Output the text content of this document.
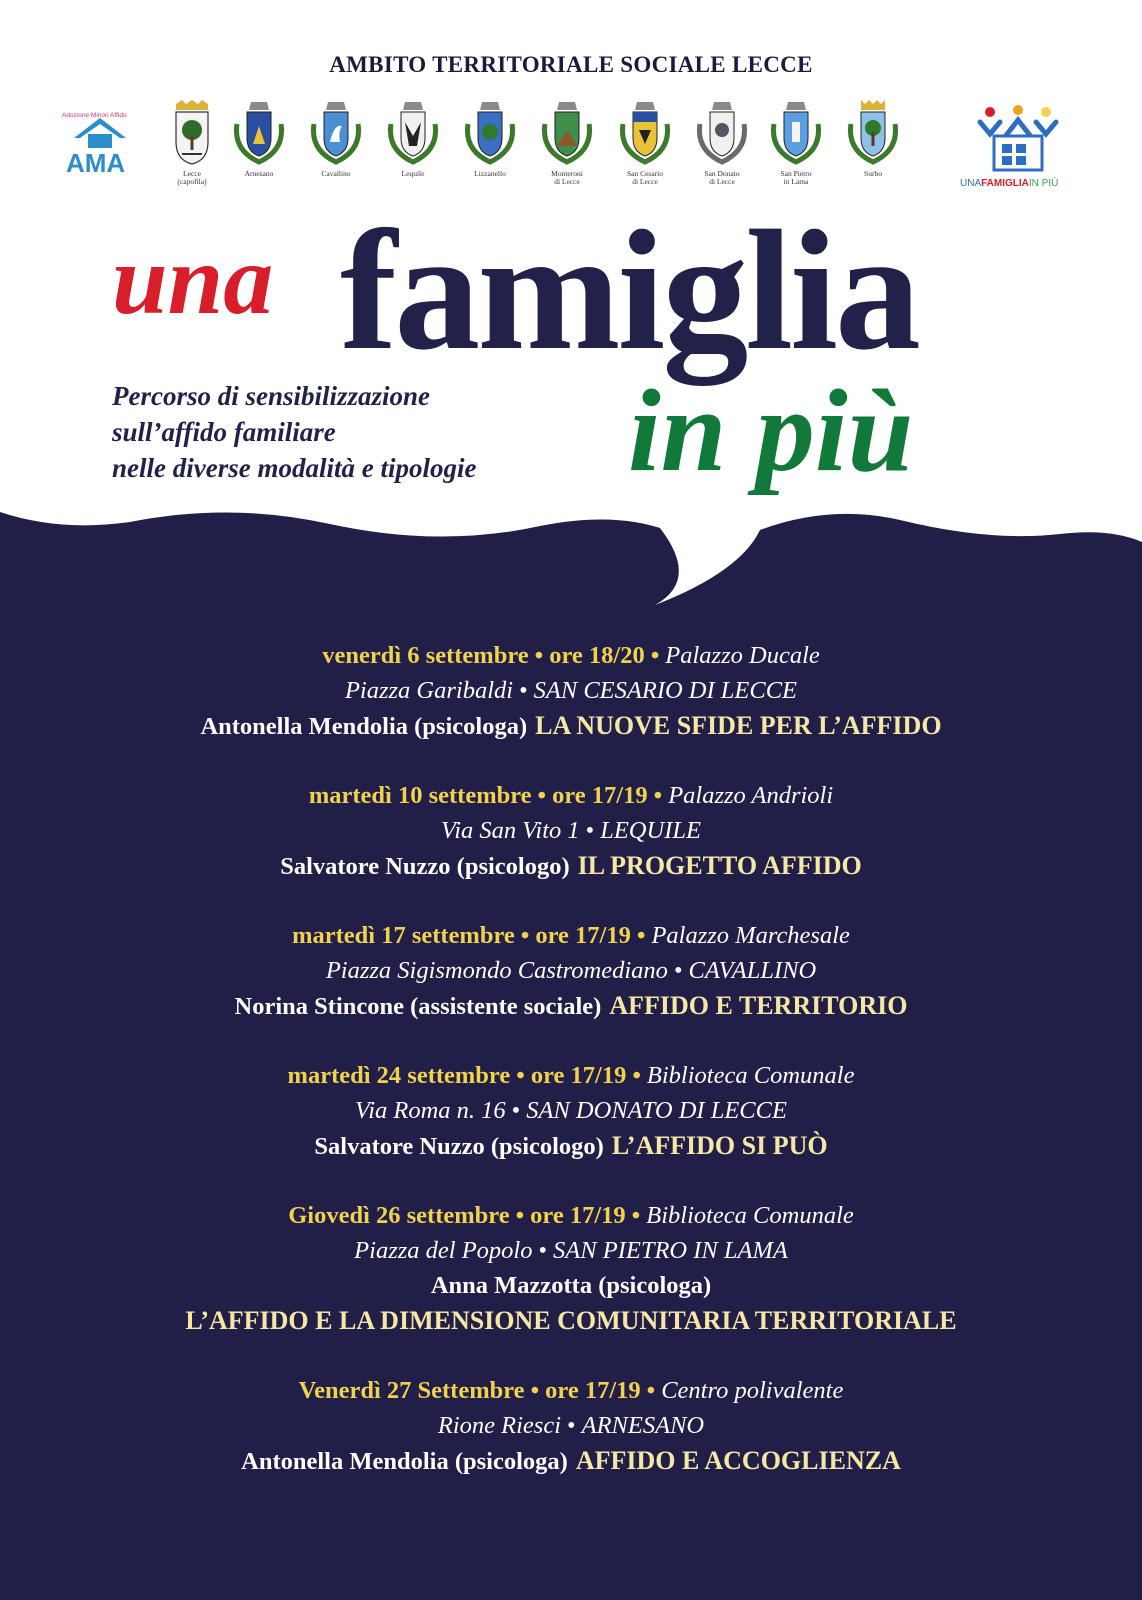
AMBITO TERRITORIALE SOCIALE LECCE
AMA
Adozione Minori Affido
Lecce
(capofila)
Arnesano	Cavallino	Lequile	Lizzanello	Monteroni
di Lecce
San Cesario
di Lecce
San Donato
di Lecce
San Pietro
in Lama
Surbo
UNAFAMIGLIAIN PIÙ
una famiglia
in più
Percorso di sensibilizzazione
sull’affido familiare
nelle diverse modalità e tipologie
venerdì 6 settembre • ore 18/20 • Palazzo Ducale
Piazza Garibaldi • SAN CESARIO DI LECCE
Antonella Mendolia (psicologa) LA NUOVE SFIDE PER L’AFFIDO
martedì 10 settembre • ore 17/19 • Palazzo Andrioli
Via San Vito 1 • LEQUILE
Salvatore Nuzzo (psicologo) IL PROGETTO AFFIDO
martedì 17 settembre • ore 17/19 • Palazzo Marchesale
Piazza Sigismondo Castromediano • CAVALLINO
Norina Stincone (assistente sociale) AFFIDO E TERRITORIO
martedì 24 settembre • ore 17/19 • Biblioteca Comunale
Via Roma n. 16 • SAN DONATO DI LECCE
Salvatore Nuzzo (psicologo) L’AFFIDO SI PUÒ
Giovedì 26 settembre • ore 17/19 • Biblioteca Comunale
Piazza del Popolo • SAN PIETRO IN LAMA
Anna Mazzotta (psicologa)
L’AFFIDO E LA DIMENSIONE COMUNITARIA TERRITORIALE
Venerdì 27 Settembre • ore 17/19 • Centro polivalente
Rione Riesci • ARNESANO
Antonella Mendolia (psicologa) AFFIDO E ACCOGLIENZA
